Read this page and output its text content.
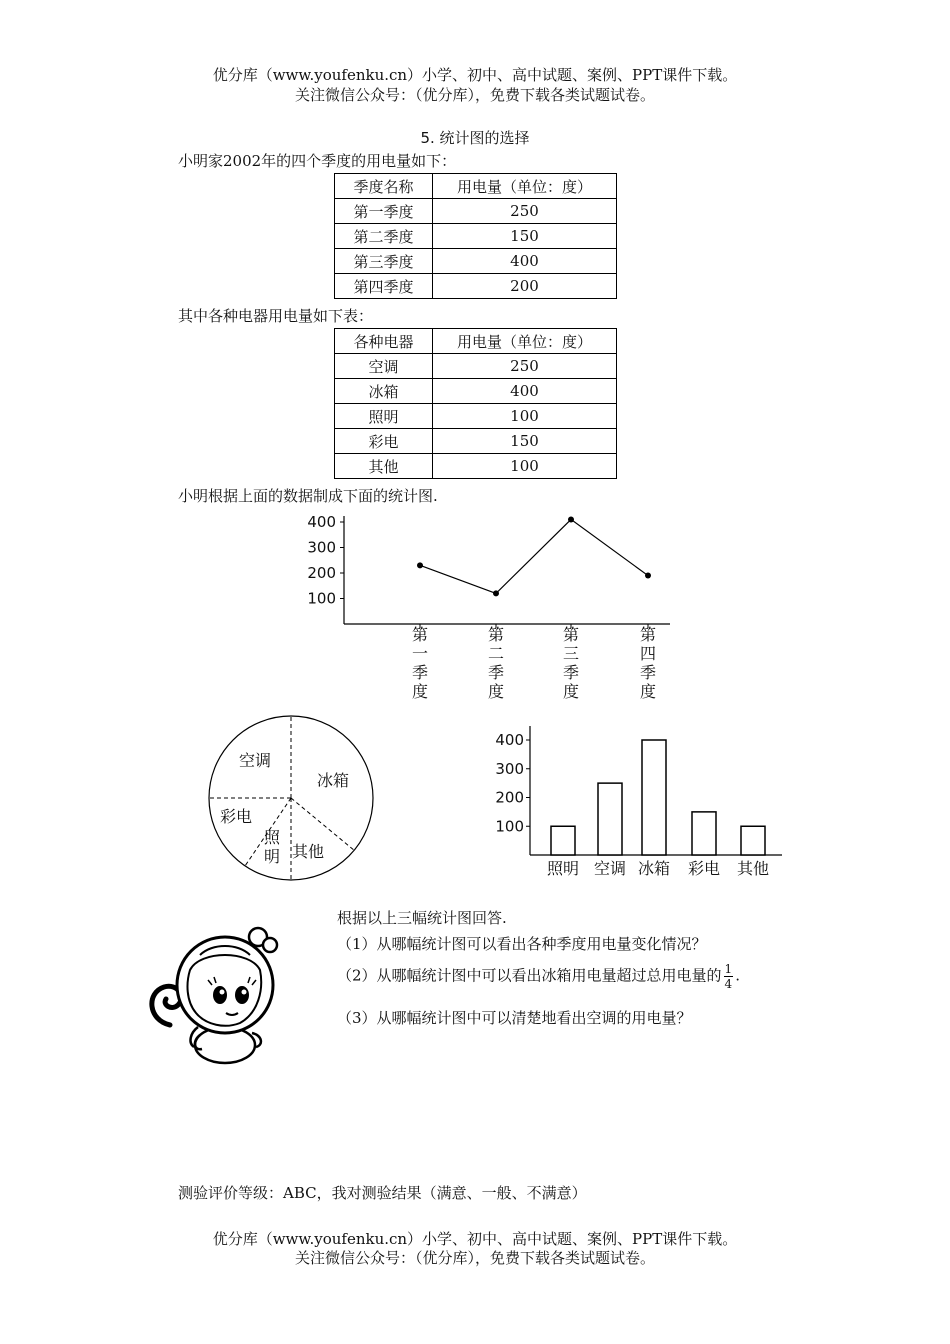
优分库（www.youfenku.cn）小学、初中、高中试题、案例、PPT课件下载。
关注微信公众号：（优分库），免费下载各类试题试卷。
5. 统计图的选择
小明家2002年的四个季度的用电量如下：
季度名称	用电量（单位：度）
第一季度	250
第二季度	150
第三季度	400
第四季度	200
其中各种电器用电量如下表：
各种电器	用电量（单位：度）
空调	250
冰箱	400
照明	100
彩电	150
其他	100
小明根据上面的数据制成下面的统计图.
100
200
300
400
第
一
季
度
第
二
季
度
第
三
季
度
第
四
季
度
空调
冰箱
彩电
照
明 其他
100
200
300
400
照明 空调 冰箱 彩电 其他
根据以上三幅统计图回答.
（1）从哪幅统计图可以看出各种季度用电量变化情况？
（2）从哪幅统计图中可以看出冰箱用电量超过总用电量的 $\frac{1}{4}$ .
（3）从哪幅统计图中可以清楚地看出空调的用电量？
测验评价等级：ABC，我对测验结果（满意、一般、不满意）
优分库（www.youfenku.cn）小学、初中、高中试题、案例、PPT课件下载。
关注微信公众号：（优分库），免费下载各类试题试卷。
